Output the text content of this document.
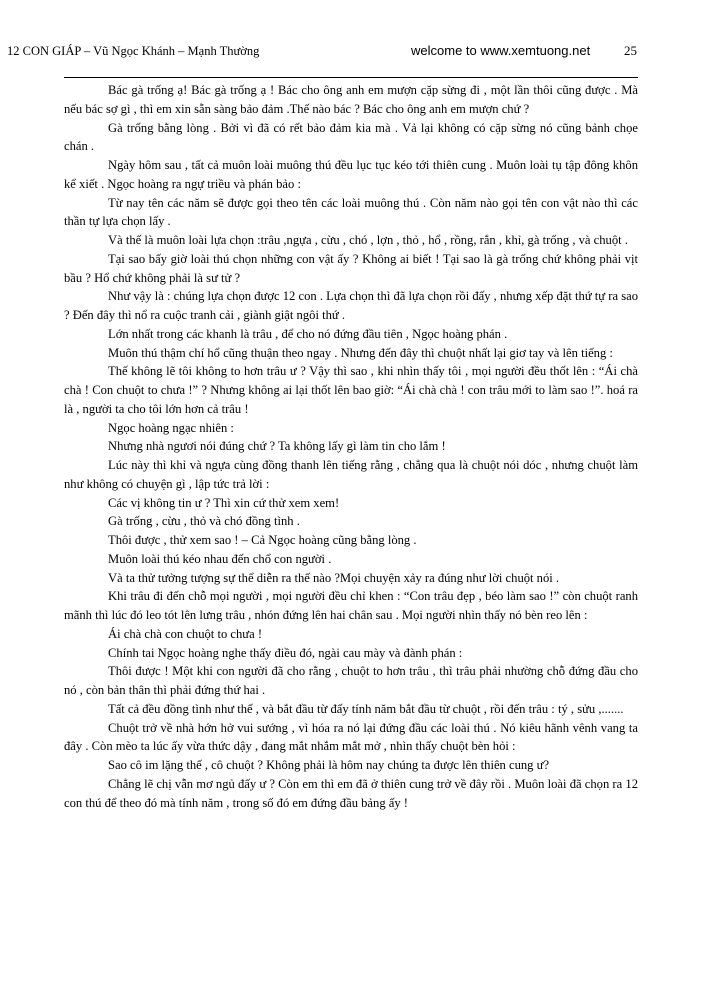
12 CON GIÁP – Vũ Ngọc Khánh – Mạnh Thường	welcome to www.xemtuong.net	25

Bác gà trống ạ! Bác gà trống ạ ! Bác cho ông anh em mượn cặp sừng đi , một lần thôi cũng được . Mà nếu bác sợ gì , thì em xin sẵn sàng bảo đảm .Thế nào bác ? Bác cho ông anh em mượn chứ ?

Gà trống bằng lòng . Bởi vì đã có rết bảo đảm kia mà . Vả lại không có cặp sừng nó cũng bảnh chọe chán .

Ngày hôm sau , tất cả muôn loài muông thú đều lục tục kéo tới thiên cung . Muôn loài tụ tập đông khôn kể xiết . Ngọc hoàng ra ngự triều và phán bảo :

Từ nay tên các năm sẽ được gọi theo tên các loài muông thú . Còn năm nào gọi tên con vật nào thì các thần tự lựa chọn lấy .

Và thế là muôn loài lựa chọn :trâu ,ngựa , cừu , chó , lợn , thỏ , hổ , rồng, rắn , khỉ, gà trống , và chuột .

Tại sao bấy giờ loài thú chọn những con vật ấy ? Không ai biết ! Tại sao là gà trống chứ không phải vịt bầu ? Hổ chứ không phải là sư tử ?

Như vậy là : chúng lựa chọn được 12 con . Lựa chọn thì đã lựa chọn rồi đấy , nhưng xếp đặt thứ tự ra sao ? Đến đây thì nổ ra cuộc tranh cải , giành giật ngôi thứ .

Lớn nhất trong các khanh là trâu , để cho nó đứng đầu tiên , Ngọc hoàng phán .

Muôn thú thậm chí hổ cũng thuận theo ngay . Nhưng đến đây thì chuột nhất lại giơ tay và lên tiếng :

Thế không lẽ tôi không to hơn trâu ư ? Vậy thì sao , khi nhìn thấy tôi , mọi người đều thốt lên : “Ái chà chà ! Con chuột to chưa !” ? Nhưng không ai lại thốt lên bao giờ: “Ái chà chà ! con trâu mới to làm sao !”. hoá ra là , người ta cho tôi lớn hơn cả trâu !

Ngọc hoàng ngạc nhiên :

Nhưng nhà ngươi nói đúng chứ ? Ta không lấy gì làm tin cho lắm !

Lúc này thì khỉ và ngựa cùng đồng thanh lên tiếng rằng , chẳng qua là chuột nói dóc , nhưng chuột làm như không có chuyện gì , lập tức trả lời :

Các vị không tin ư ? Thì xin cứ thử xem xem!

Gà trống , cừu , thỏ và chó đồng tình .

Thôi được , thử xem sao ! – Cả Ngọc hoàng cũng bằng lòng .

Muôn loài thú kéo nhau đến chổ con người .

Và ta thử tưởng tượng sự thể diễn ra thế nào ?Mọi chuyện xảy ra đúng như lời chuột nói .

Khi trâu đi đến chỗ mọi người , mọi người đều chỉ khen : “Con trâu đẹp , béo làm sao !” còn chuột ranh mãnh thì lúc đó leo tót lên lưng trâu , nhón đứng lên hai chân sau . Mọi người nhìn thấy nó bèn reo lên :

Ái chà chà con chuột to chưa !

Chính tai Ngọc hoàng nghe thấy điều đó, ngài cau mày và đành phán :

Thôi được ! Một khi con người đã cho rằng , chuột to hơn trâu , thì trâu phải nhường chỗ đứng đầu cho nó , còn bản thân thì phải đứng thứ hai .

Tất cả đều đồng tình như thế , và bắt đầu từ đấy tính năm bắt đầu từ chuột , rồi đến trâu : tý , sửu ,.......

Chuột trở về nhà hớn hở vui sướng , vì hóa ra nó lại đứng đầu các loài thú . Nó kiêu hãnh vênh vang ta đây . Còn mèo ta lúc ấy vừa thức dậy , đang mắt nhắm mắt mở , nhìn thấy chuột bèn hỏi :

Sao cô im lặng thế , cô chuột ? Không phải là hôm nay chúng ta được lên thiên cung ư?

Chẳng lẽ chị vẫn mơ ngủ đấy ư ? Còn em thì em đã ở thiên cung trở về đây rồi . Muôn loài đã chọn ra 12 con thú để theo đó mà tính năm , trong số đó em đứng đầu bảng ấy !
